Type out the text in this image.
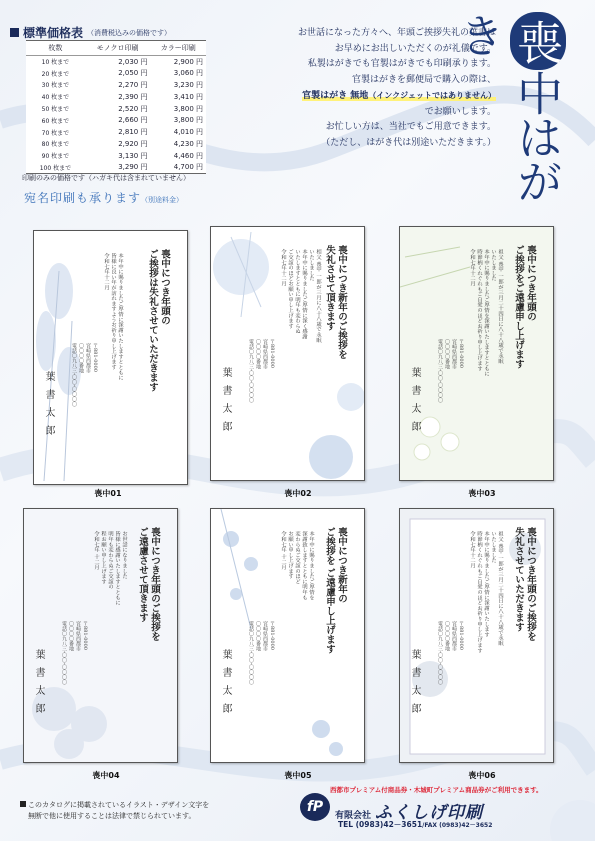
標準価格表 （消費税込みの価格です）
枚数	モノクロ印刷	カラー印刷
10 枚まで	2,030 円	2,900 円
20 枚まで	2,050 円	3,060 円
30 枚まで	2,270 円	3,230 円
40 枚まで	2,390 円	3,410 円
50 枚まで	2,520 円	3,800 円
60 枚まで	2,660 円	3,800 円
70 枚まで	2,810 円	4,010 円
80 枚まで	2,920 円	4,230 円
90 枚まで	3,130 円	4,460 円
100 枚まで	3,290 円	4,700 円
印刷のみの価格です（ハガキ代は含まれていません）
宛名印刷も承ります（別途料金）
お世話になった方々へ、年頭ご挨拶失礼の葉書は
お早めにお出しいただくのが礼儀です。
私製はがきでも官製はがきでも印刷承ります。
官製はがきを郵便局で購入の際は、
官製はがき 無地（インクジェットではありません）
でお願いします。
お忙しい方は、当社でもご用意できます。
（ただし、はがき代は別途いただきます。）
喪中はがき
喪中につき年頭の
ご挨拶は失礼させていただきます
本年中に賜りましたご厚情に深謝いたしますとともに
皆様に良い年が訪れますようお祈り申し上げます
令和七年十二月
〒881-0000
宮崎県西都市
〇〇〇〇番地
電話〇九八三-〇〇-〇〇〇〇
葉書太郎
喪中につき新年のご挨拶を
失礼させて頂きます
相父 喪中 一郎が三月に八十八歳で永眠
いたしました
本年中に賜りましたご厚情に深く感謝
いたしますとともに明年も変わらぬ
ご交誼のほどお願い申し上げます
令和七年十二月
〒881-0000
宮崎県西都市
〇〇〇〇番地
電話〇九八三-〇〇-〇〇〇〇
葉書太郎
喪中につき年頭の
ご挨拶をご遠慮申し上げます
祖父 喪中 一郎が三月二十四日に八十八歳で永眠
いたしました
本年中に賜りましたご厚情を深謝いたしますとともに
時節柄くれぐれもご自愛のほどお祈り申し上げます
令和七年十二月
〒881-0000
宮崎県西都市
〇〇〇〇番地
電話〇九八三-〇〇-〇〇〇〇
葉書太郎
喪中につき年頭のご挨拶を
ご遠慮させて頂きます
お世話になりました
皆様に感謝いたしますとともに
明年も変わらぬご交誼の
程お願い申し上げます
令和七年 十二月
〒881-0000
宮崎県西都市
〇〇〇〇番地
電話〇九八三-〇〇-〇〇〇〇
葉書太郎
喪中につき新年の
ご挨拶を ご遠慮申し上げます
本年中に賜りましたご厚情を
深謝致しますとともに明年も
変わらぬご交誼のほど
お願い申し上げます
令和七年 十二月
〒881-0000
宮崎県西都市
〇〇〇〇番地
電話〇九八三-〇〇-〇〇〇〇
葉書太郎
喪中につき年頭のご挨拶を
失礼させていただきます
祖父 喪中 一郎が三月二十四日に八十八歳で永眠
いたしました
本年中に賜りましたご厚情に深謝いたします
時節柄くれぐれもご自愛のほどお祈り申し上げます
令和七年十二月
〒881-0000
宮崎県西都市
〇〇〇〇番地
電話〇九八三-〇〇-〇〇〇〇
葉書太郎
西都市プレミアム付商品券・木城町プレミアム商品券がご利用できます。
このカタログに掲載されているイラスト・デザイン文字を
無断で他に使用することは法律で禁じられています。
fP
有限会社 ふくしげ印刷
TEL (0983)42－3651/FAX (0983)42－3652
喪中01	喪中02	喪中03
喪中04	喪中05	喪中06
